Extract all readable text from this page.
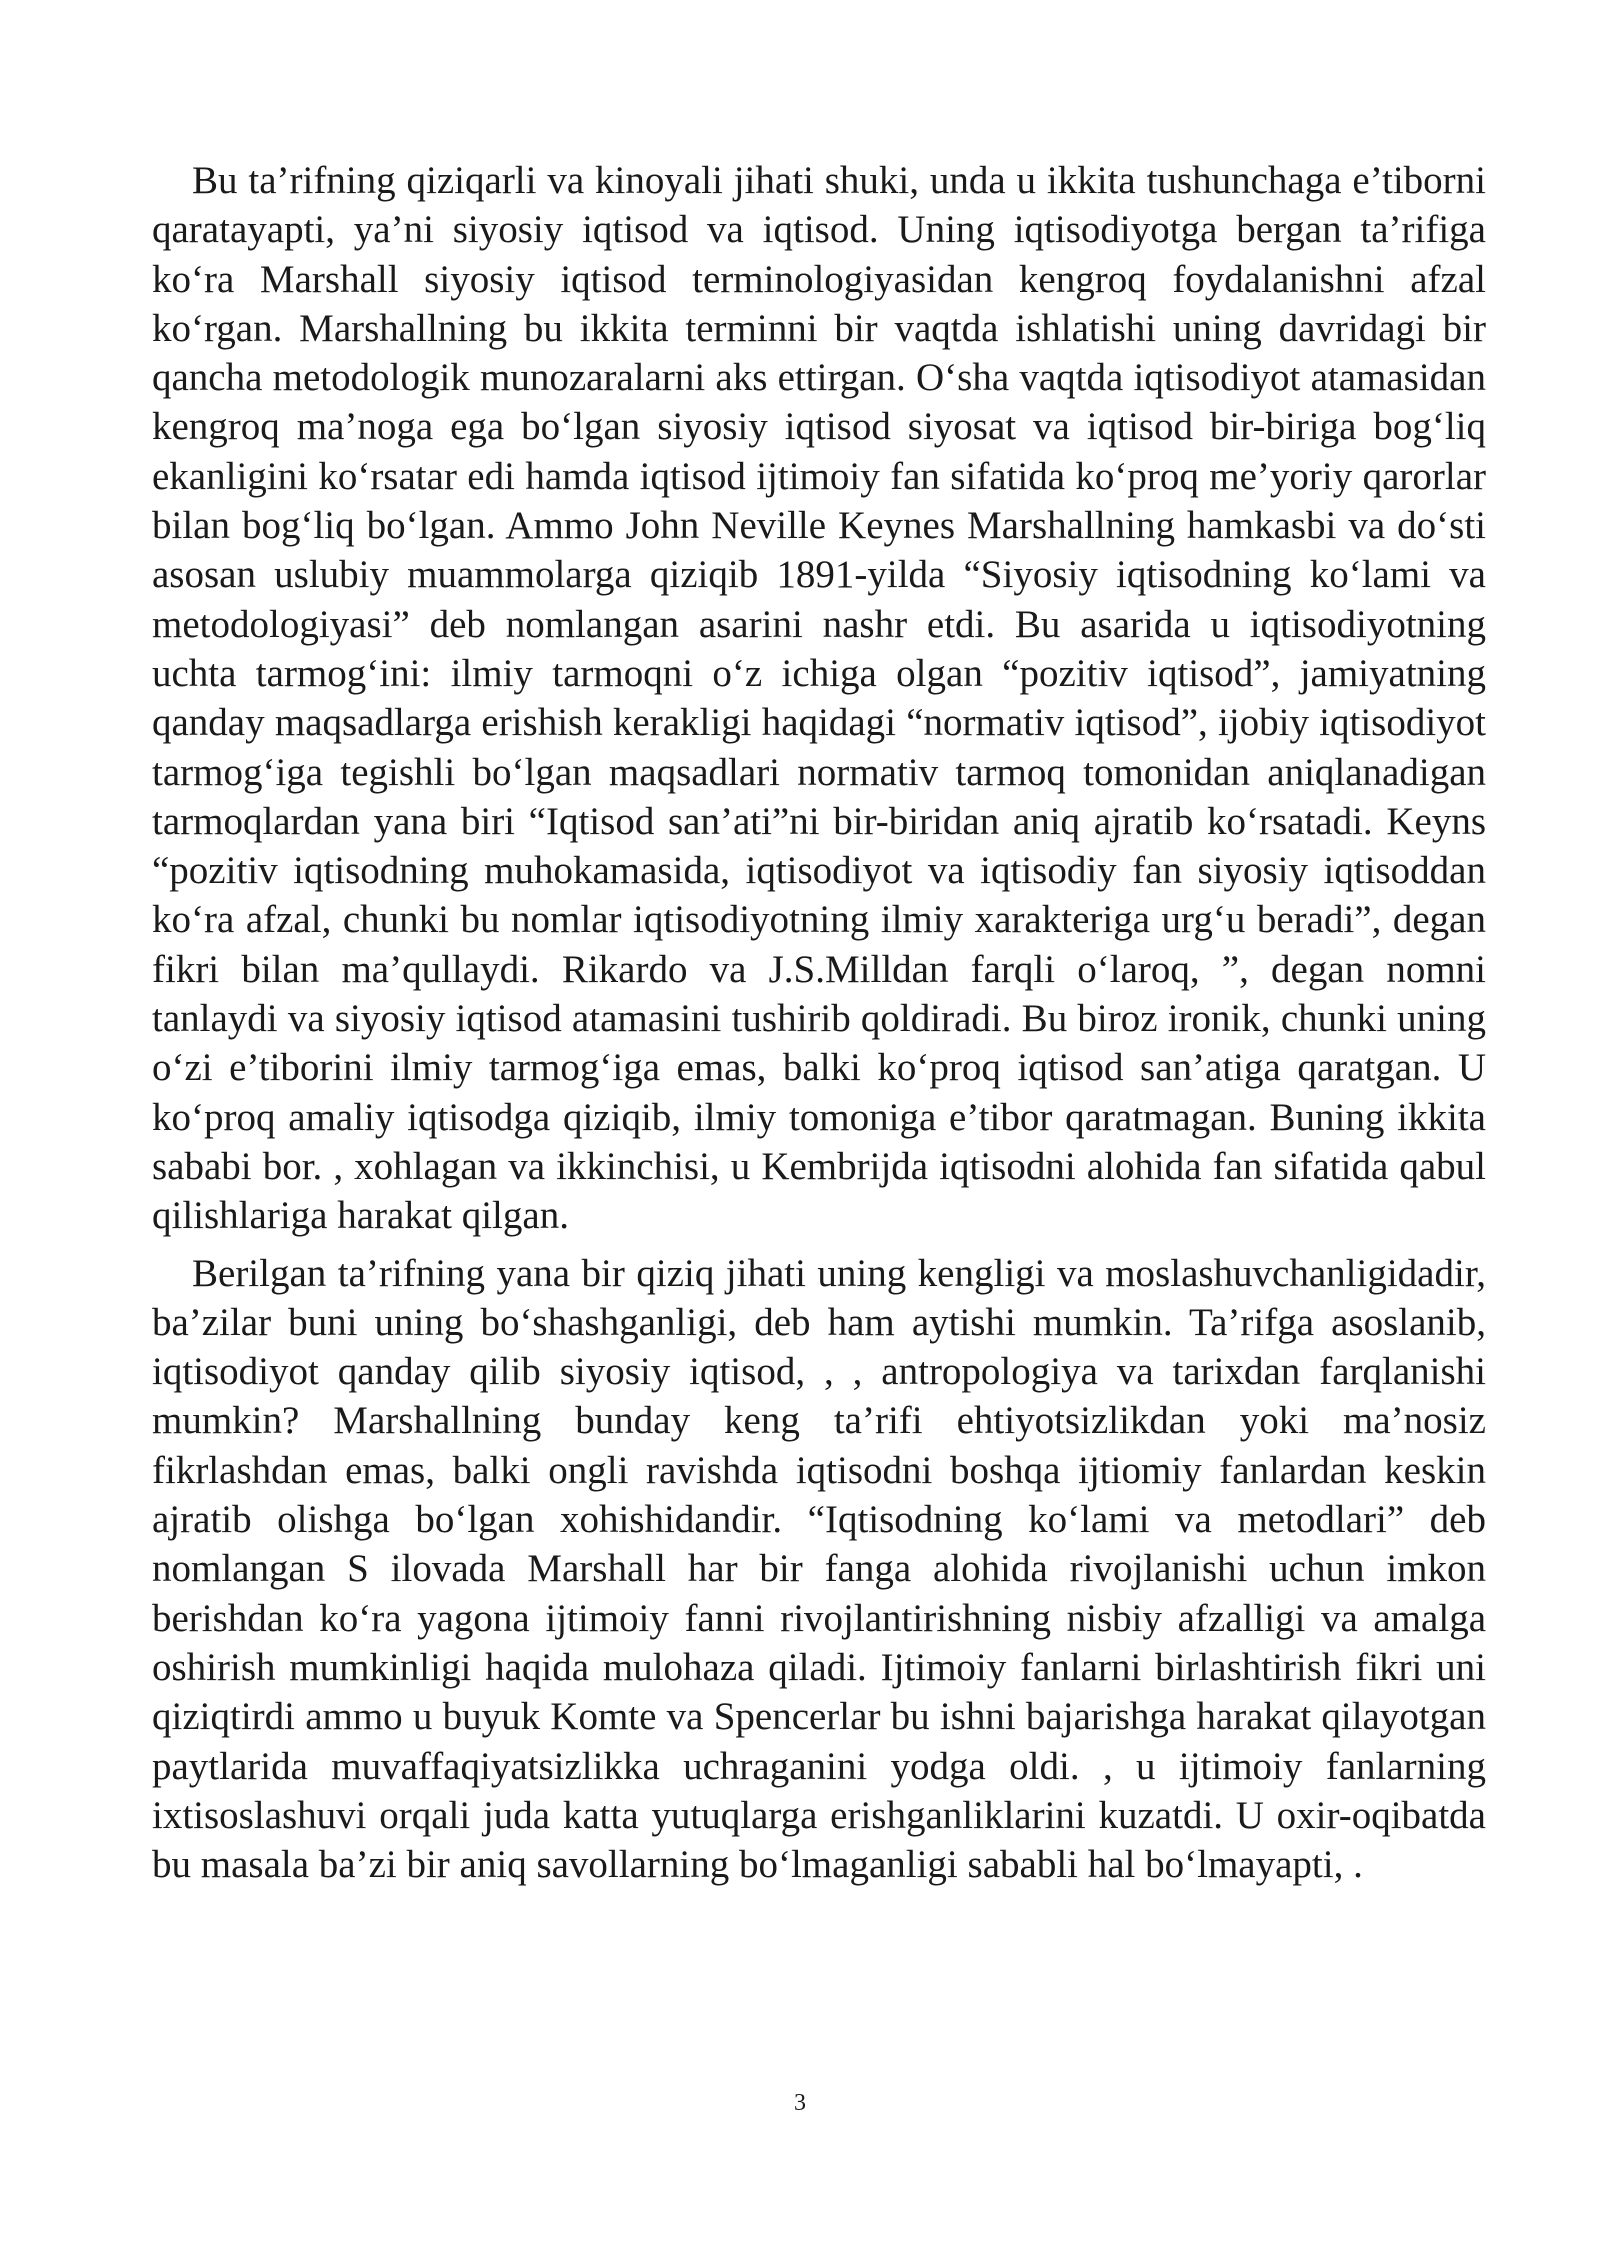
Bu ta’rifning qiziqarli va kinoyali jihati shuki, unda u ikkita tushunchaga e’tiborni qaratayapti, ya’ni siyosiy iqtisod va iqtisod. Uning iqtisodiyotga bergan ta’rifiga ko‘ra Marshall siyosiy iqtisod terminologiyasidan kengroq foydalanishni afzal ko‘rgan. Marshallning bu ikkita terminni bir vaqtda ishlatishi uning davridagi bir qancha metodologik munozaralarni aks ettirgan. O‘sha vaqtda iqtisodiyot atamasidan kengroq ma’noga ega bo‘lgan siyosiy iqtisod siyosat va iqtisod bir-biriga bog‘liq ekanligini ko‘rsatar edi hamda iqtisod ijtimoiy fan sifatida ko‘proq me’yoriy qarorlar bilan bog‘liq bo‘lgan. Ammo John Neville Keynes Marshallning hamkasbi va do‘sti asosan uslubiy muammolarga qiziqib 1891-yilda “Siyosiy iqtisodning ko‘lami va metodologiyasi” deb nomlangan asarini nashr etdi. Bu asarida u iqtisodiyotning uchta tarmog‘ini: ilmiy tarmoqni o‘z ichiga olgan “pozitiv iqtisod”, jamiyatning qanday maqsadlarga erishish kerakligi haqidagi “normativ iqtisod”, ijobiy iqtisodiyot tarmog‘iga tegishli bo‘lgan maqsadlari normativ tarmoq tomonidan aniqlanadigan tarmoqlardan yana biri “Iqtisod san’ati”ni bir-biridan aniq ajratib ko‘rsatadi. Keyns “pozitiv iqtisodning muhokamasida, iqtisodiyot va iqtisodiy fan siyosiy iqtisoddan ko‘ra afzal, chunki bu nomlar iqtisodiyotning ilmiy xarakteriga urg‘u beradi”, degan fikri bilan ma’qullaydi. Rikardo va J.S.Milldan farqli o‘laroq, ”, degan nomni tanlaydi va siyosiy iqtisod atamasini tushirib qoldiradi. Bu biroz ironik, chunki uning o‘zi e’tiborini ilmiy tarmog‘iga emas, balki ko‘proq iqtisod san’atiga qaratgan. U ko‘proq amaliy iqtisodga qiziqib, ilmiy tomoniga e’tibor qaratmagan. Buning ikkita sababi bor. , xohlagan va ikkinchisi, u Kembrijda iqtisodni alohida fan sifatida qabul qilishlariga harakat qilgan.

Berilgan ta’rifning yana bir qiziq jihati uning kengligi va moslashuvchanligidadir, ba’zilar buni uning bo‘shashganligi, deb ham aytishi mumkin. Ta’rifga asoslanib, iqtisodiyot qanday qilib siyosiy iqtisod, , , antropologiya va tarixdan farqlanishi mumkin? Marshallning bunday keng ta’rifi ehtiyotsizlikdan yoki ma’nosiz fikrlashdan emas, balki ongli ravishda iqtisodni boshqa ijtiomiy fanlardan keskin ajratib olishga bo‘lgan xohishidandir. “Iqtisodning ko‘lami va metodlari” deb nomlangan S ilovada Marshall har bir fanga alohida rivojlanishi uchun imkon berishdan ko‘ra yagona ijtimoiy fanni rivojlantirishning nisbiy afzalligi va amalga oshirish mumkinligi haqida mulohaza qiladi. Ijtimoiy fanlarni birlashtirish fikri uni qiziqtirdi ammo u buyuk Komte va Spencerlar bu ishni bajarishga harakat qilayotgan paytlarida muvaffaqiyatsizlikka uchraganini yodga oldi. , u ijtimoiy fanlarning ixtisoslashuvi orqali juda katta yutuqlarga erishganliklarini kuzatdi. U oxir-oqibatda bu masala ba’zi bir aniq savollarning bo‘lmaganligi sababli hal bo‘lmayapti, .

3
